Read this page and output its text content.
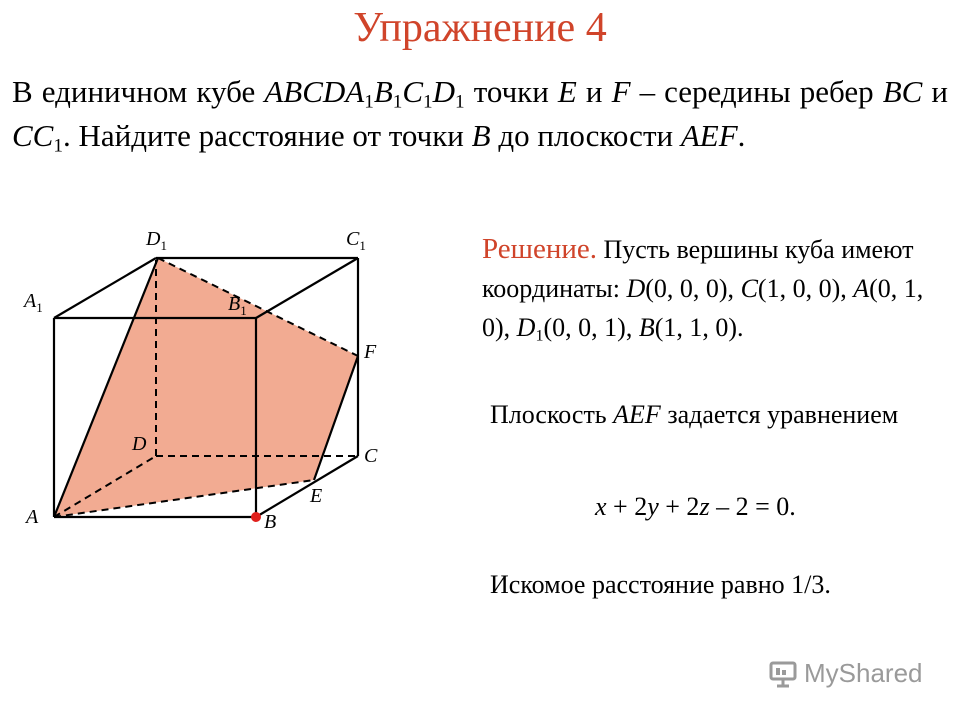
Упражнение 4
В единичном кубе $ABCDA_1B_1C_1D_1$ точки E и F – середины ребер BC и $CC_1$. Найдите расстояние от точки B до плоскости AEF.
$D_1$	$C_1$
$A_1$	$B_1$
F
D
C
E
A	B
Решение. Пусть вершины куба имеют координаты: D(0, 0, 0), C(1, 0, 0), A(0, 1, 0), $D_1(0$, 0, 1), B(1, 1, 0).
Плоскость AEF задается уравнением
x + 2y + 2z – 2 = 0.
Искомое расстояние равно 1/3.
MyShared
